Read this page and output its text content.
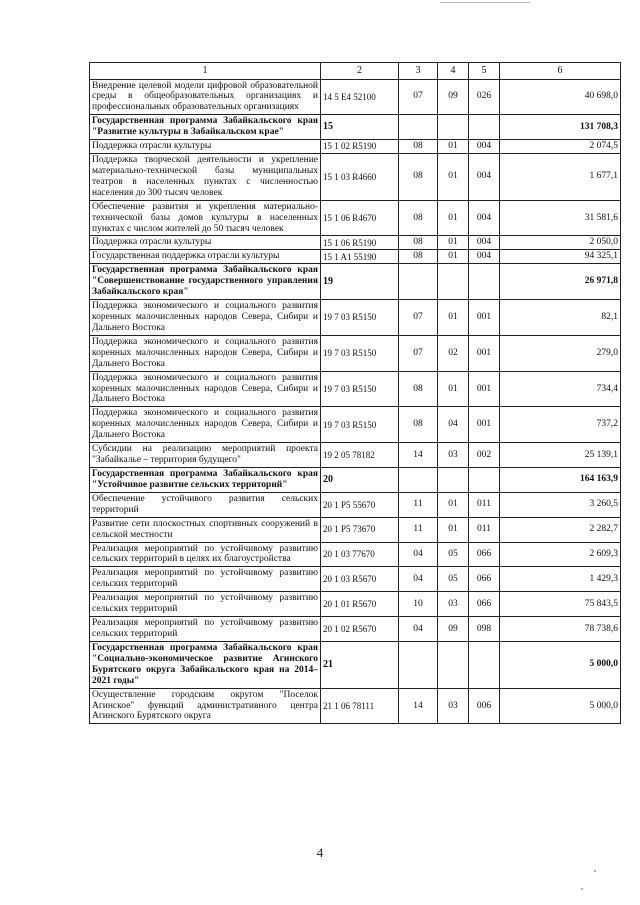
1	2	3	4	5	6
Внедрение целевой модели цифровой образовательной среды в общеобразовательных организациях и профессиональных образовательных организациях	14 5 E4 52100	07	09	026	40 698,0
Государственная программа Забайкальского края "Развитие культуры в Забайкальском крае"	15				131 708,3
Поддержка отрасли культуры	15 1 02 R5190	08	01	004	2 074,5
Поддержка творческой деятельности и укрепление материально-технической базы муниципальных театров в населенных пунктах с численностью населения до 300 тысяч человек	15 1 03 R4660	08	01	004	1 677,1
Обеспечение развития и укрепления материально-технической базы домов культуры в населенных пунктах с числом жителей до 50 тысяч человек	15 1 06 R4670	08	01	004	31 581,6
Поддержка отрасли культуры	15 1 06 R5190	08	01	004	2 050,0
Государственная поддержка отрасли культуры	15 1 A1 55190	08	01	004	94 325,1
Государственная программа Забайкальского края "Совершенствование государственного управления Забайкальского края"	19				26 971,8
Поддержка экономического и социального развития коренных малочисленных народов Севера, Сибири и Дальнего Востока	19 7 03 R5150	07	01	001	82,1
Поддержка экономического и социального развития коренных малочисленных народов Севера, Сибири и Дальнего Востока	19 7 03 R5150	07	02	001	279,0
Поддержка экономического и социального развития коренных малочисленных народов Севера, Сибири и Дальнего Востока	19 7 03 R5150	08	01	001	734,4
Поддержка экономического и социального развития коренных малочисленных народов Севера, Сибири и Дальнего Востока	19 7 03 R5150	08	04	001	737,2
Субсидии на реализацию мероприятий проекта "Забайкалье – территория будущего"	19 2 05 78182	14	03	002	25 139,1
Государственная программа Забайкальского края "Устойчивое развитие сельских территорий"	20				164 163,9
Обеспечение устойчивого развития сельских территорий	20 1 P5 55670	11	01	011	3 260,5
Развитие сети плоскостных спортивных сооружений в сельской местности	20 1 P5 73670	11	01	011	2 282,7
Реализация мероприятий по устойчивому развитию сельских территорий в целях их благоустройства	20 1 03 77670	04	05	066	2 609,3
Реализация мероприятий по устойчивому развитию сельских территорий	20 1 03 R5670	04	05	066	1 429,3
Реализация мероприятий по устойчивому развитию сельских территорий	20 1 01 R5670	10	03	066	75 843,5
Реализация мероприятий по устойчивому развитию сельских территорий	20 1 02 R5670	04	09	098	78 738,6
Государственная программа Забайкальского края "Социально-экономическое развитие Агинского Бурятского округа Забайкальского края на 2014–2021 годы"	21				5 000,0
Осуществление городским округом "Поселок Агинское" функций административного центра Агинского Бурятского округа	21 1 06 78111	14	03	006	5 000,0
4
